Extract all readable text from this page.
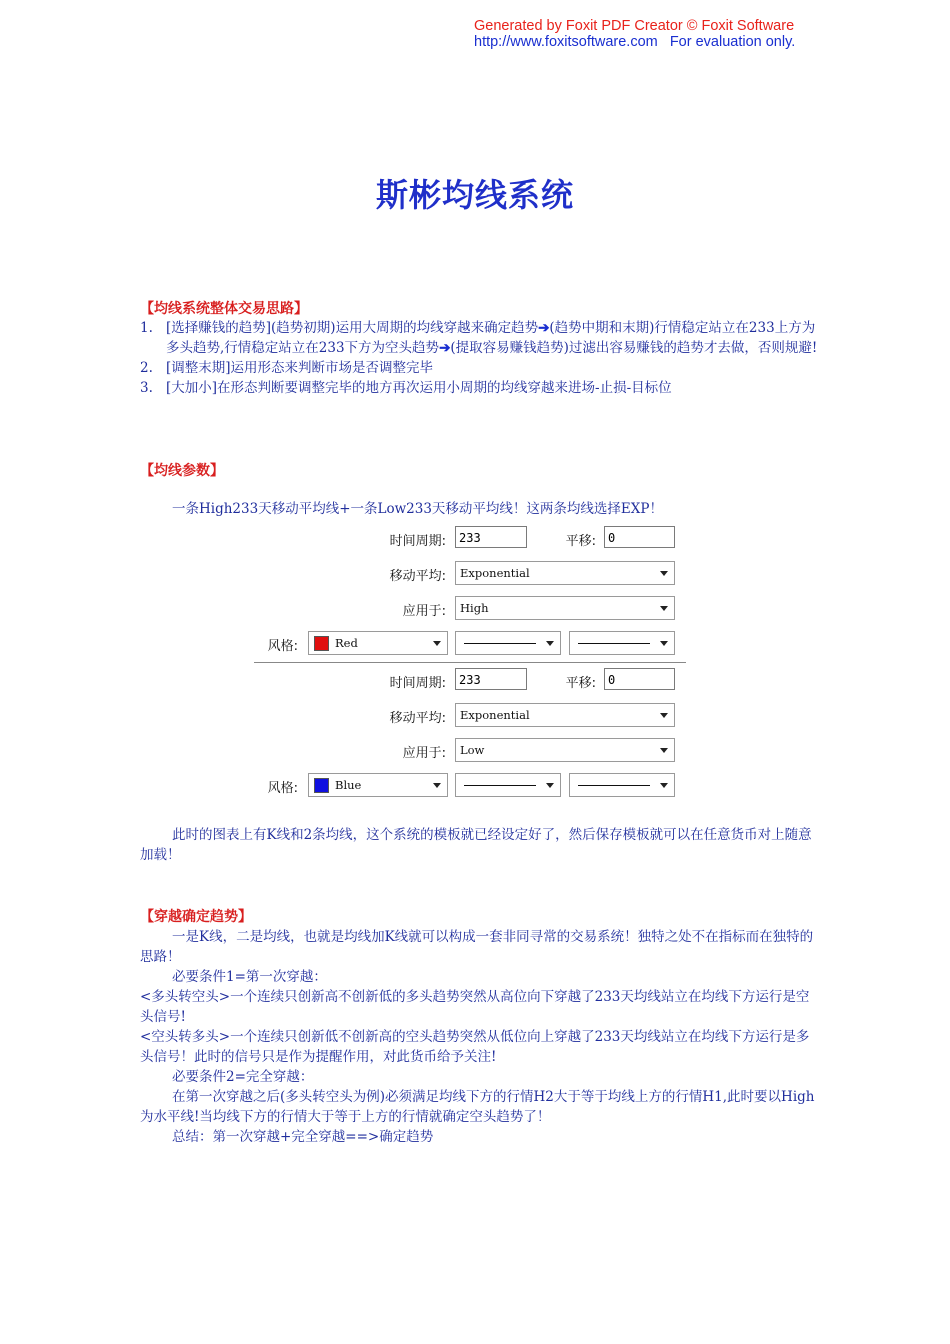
Generated by Foxit PDF Creator © Foxit Software
http://www.foxitsoftware.com   For evaluation only.
斯彬均线系统
【均线系统整体交易思路】
1. [选择赚钱的趋势](趋势初期)运用大周期的均线穿越来确定趋势➔(趋势中期和末期)行情稳定站立在233上方为多头趋势,行情稳定站立在233下方为空头趋势➔(提取容易赚钱趋势)过滤出容易赚钱的趋势才去做，否则规避!
2. [调整末期]运用形态来判断市场是否调整完毕
3. [大加小]在形态判断要调整完毕的地方再次运用小周期的均线穿越来进场-止损-目标位
【均线参数】
一条High233天移动平均线+一条Low233天移动平均线！这两条均线选择EXP！
时间周期:	233	平移:	0
移动平均: Exponential
应用于: High
风格:	Red
时间周期:	233	平移:	0
移动平均: Exponential
应用于: Low
风格:	Blue
此时的图表上有K线和2条均线，这个系统的模板就已经设定好了，然后保存模板就可以在任意货币对上随意加载！
【穿越确定趋势】
一是K线，二是均线，也就是均线加K线就可以构成一套非同寻常的交易系统！独特之处不在指标而在独特的思路！
必要条件1=第一次穿越：
<多头转空头>一个连续只创新高不创新低的多头趋势突然从高位向下穿越了233天均线站立在均线下方运行是空头信号!
<空头转多头>一个连续只创新低不创新高的空头趋势突然从低位向上穿越了233天均线站立在均线下方运行是多头信号！此时的信号只是作为提醒作用，对此货币给予关注!
必要条件2=完全穿越：
在第一次穿越之后(多头转空头为例)必须满足均线下方的行情H2大于等于均线上方的行情H1,此时要以High为水平线!当均线下方的行情大于等于上方的行情就确定空头趋势了！
总结：第一次穿越+完全穿越==>确定趋势
